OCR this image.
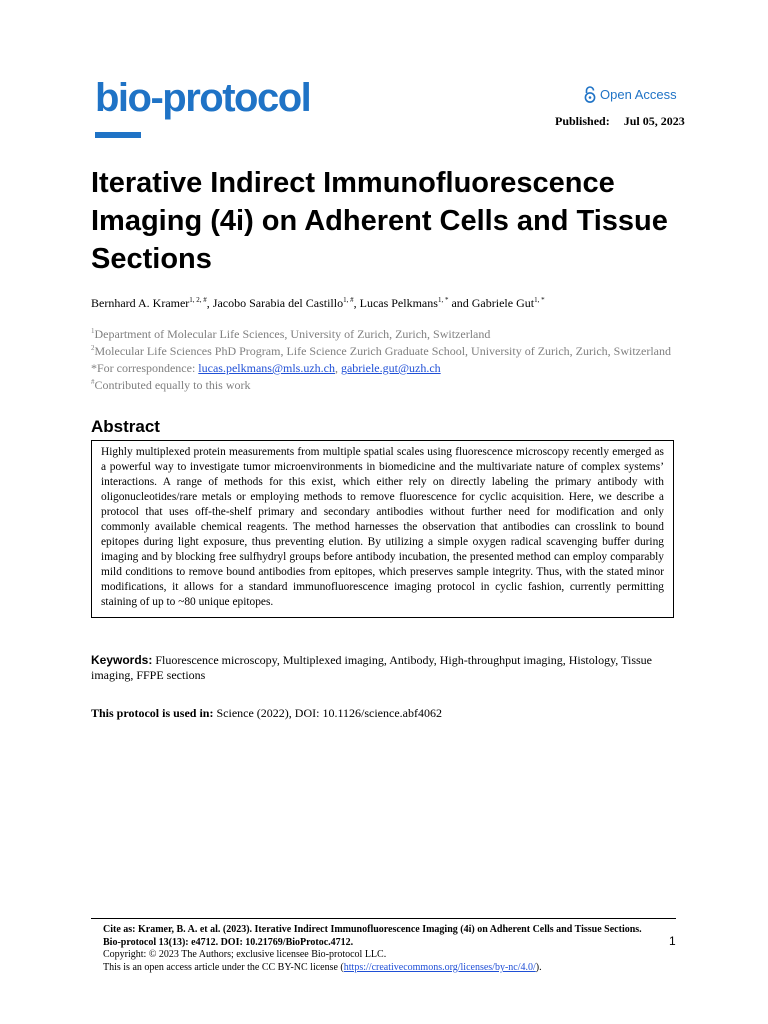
bio-protocol	Open Access
Published: Jul 05, 2023
Iterative Indirect Immunofluorescence Imaging (4i) on Adherent Cells and Tissue Sections
Bernhard A. Kramer$^{1, 2, \#}$, Jacobo Sarabia del Castillo$^{1, \#}$, Lucas Pelkmans$^{1, *}$ and Gabriele Gut$^{1, *}$
$^1$Department of Molecular Life Sciences, University of Zurich, Zurich, Switzerland
$^2$Molecular Life Sciences PhD Program, Life Science Zurich Graduate School, University of Zurich, Zurich, Switzerland
*For correspondence: lucas.pelkmans@mls.uzh.ch, gabriele.gut@uzh.ch
#Contributed equally to this work
Abstract
Highly multiplexed protein measurements from multiple spatial scales using fluorescence microscopy recently emerged as a powerful way to investigate tumor microenvironments in biomedicine and the multivariate nature of complex systems’ interactions. A range of methods for this exist, which either rely on directly labeling the primary antibody with oligonucleotides/rare metals or employing methods to remove fluorescence for cyclic acquisition. Here, we describe a protocol that uses off-the-shelf primary and secondary antibodies without further need for modification and only commonly available chemical reagents. The method harnesses the observation that antibodies can crosslink to bound epitopes during light exposure, thus preventing elution. By utilizing a simple oxygen radical scavenging buffer during imaging and by blocking free sulfhydryl groups before antibody incubation, the presented method can employ comparably mild conditions to remove bound antibodies from epitopes, which preserves sample integrity. Thus, with the stated minor modifications, it allows for a standard immunofluorescence imaging protocol in cyclic fashion, currently permitting staining of up to ~80 unique epitopes.
Keywords: Fluorescence microscopy, Multiplexed imaging, Antibody, High-throughput imaging, Histology, Tissue imaging, FFPE sections
This protocol is used in: Science (2022), DOI: 10.1126/science.abf4062
Cite as: Kramer, B. A. et al. (2023). Iterative Indirect Immunofluorescence Imaging (4i) on Adherent Cells and Tissue Sections. Bio-protocol 13(13): e4712. DOI: 10.21769/BioProtoc.4712.
Copyright: © 2023 The Authors; exclusive licensee Bio-protocol LLC.
This is an open access article under the CC BY-NC license (https://creativecommons.org/licenses/by-nc/4.0/).
1
